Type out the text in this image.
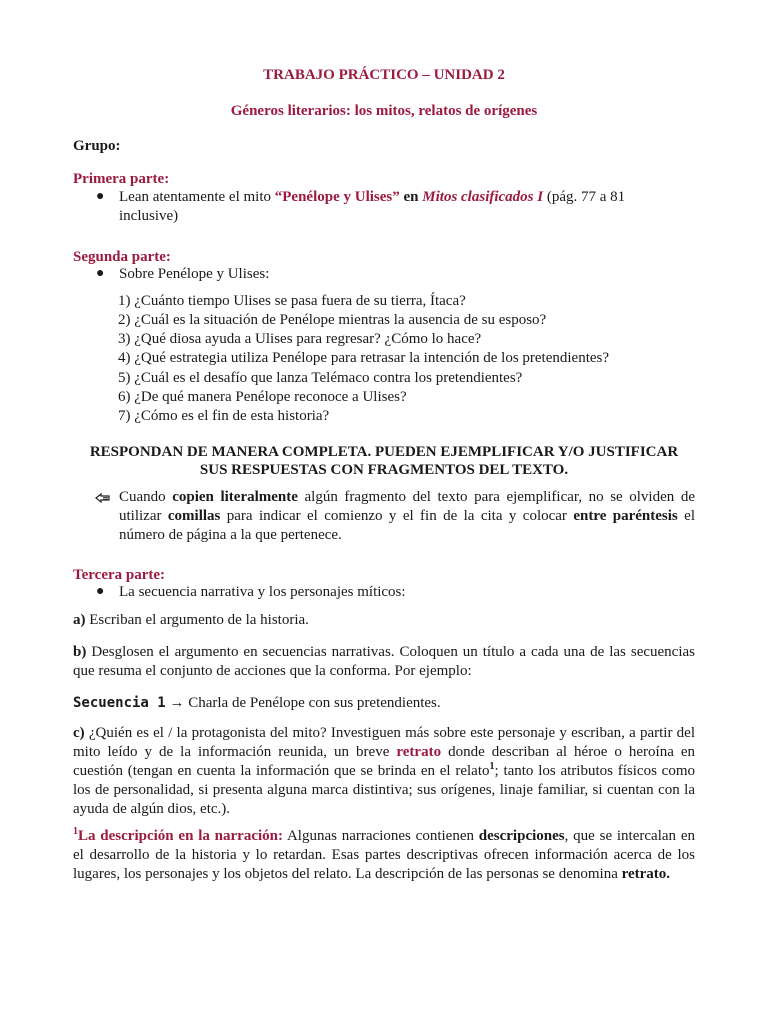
TRABAJO PRÁCTICO – UNIDAD 2
Géneros literarios: los mitos, relatos de orígenes
Grupo:
Primera parte:
● Lean atentamente el mito “Penélope y Ulises” en Mitos clasificados I (pág. 77 a 81
inclusive)
Segunda parte:
● Sobre Penélope y Ulises:
1) ¿Cuánto tiempo Ulises se pasa fuera de su tierra, Ítaca?
2) ¿Cuál es la situación de Penélope mientras la ausencia de su esposo?
3) ¿Qué diosa ayuda a Ulises para regresar? ¿Cómo lo hace?
4) ¿Qué estrategia utiliza Penélope para retrasar la intención de los pretendientes?
5) ¿Cuál es el desafío que lanza Telémaco contra los pretendientes?
6) ¿De qué manera Penélope reconoce a Ulises?
7) ¿Cómo es el fin de esta historia?
RESPONDAN DE MANERA COMPLETA. PUEDEN EJEMPLIFICAR Y/O JUSTIFICAR
SUS RESPUESTAS CON FRAGMENTOS DEL TEXTO.
Cuando copien literalmente algún fragmento del texto para ejemplificar, no se olviden de utilizar comillas para indicar el comienzo y el fin de la cita y colocar entre paréntesis el número de página a la que pertenece.
Tercera parte:
● La secuencia narrativa y los personajes míticos:
a) Escriban el argumento de la historia.
b) Desglosen el argumento en secuencias narrativas. Coloquen un título a cada una de las secuencias que resuma el conjunto de acciones que la conforma. Por ejemplo:
Secuencia 1 → Charla de Penélope con sus pretendientes.
c) ¿Quién es el / la protagonista del mito? Investiguen más sobre este personaje y escriban, a partir del mito leído y de la información reunida, un breve retrato donde describan al héroe o heroína en cuestión (tengan en cuenta la información que se brinda en el relato$^1$; tanto los atributos físicos como los de personalidad, si presenta alguna marca distintiva; sus orígenes, linaje familiar, si cuentan con la ayuda de algún dios, etc.).
$^1$La descripción en la narración: Algunas narraciones contienen descripciones, que se intercalan en el desarrollo de la historia y lo retardan. Esas partes descriptivas ofrecen información acerca de los lugares, los personajes y los objetos del relato. La descripción de las personas se denomina retrato.
